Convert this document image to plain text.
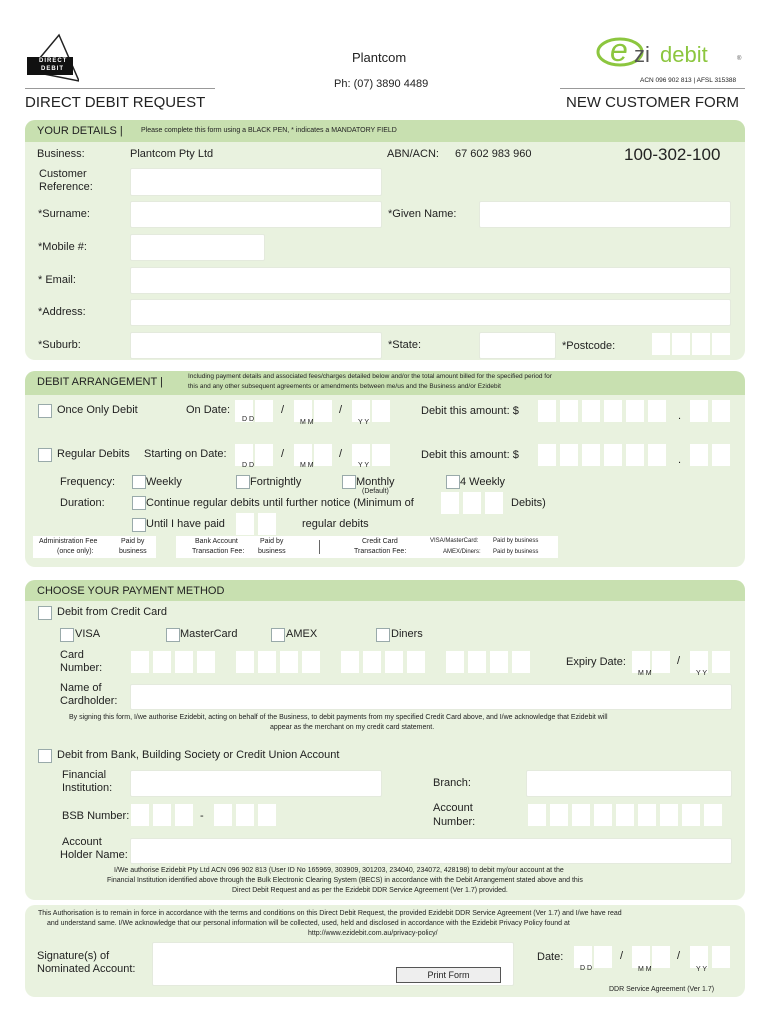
DIRECT
DEBIT
Plantcom
Ph: (07) 3890 4489
e zi debit	®
ACN 096 902 813 | AFSL 315388
DIRECT DEBIT REQUEST	NEW CUSTOMER FORM
YOUR DETAILS |	Please complete this form using a BLACK PEN, * indicates a MANDATORY FIELD
Business:	Plantcom Pty Ltd	ABN/ACN: 67 602 983 960	100-302-100
Customer
Reference:
*Surname:	*Given Name:
*Mobile #:
* Email:
*Address:
*Suburb:	*State:	*Postcode:
DEBIT ARRANGEMENT |	Including payment details and associated fees/charges detailed below and/or the total amount billed for the specified period for
this and any other subsequent agreements or amendments between me/us and the Business and/or Ezidebit
Once Only Debit	On Date:	/	/
D D	M M	Y Y
Debit this amount: $	.
Regular Debits Starting on Date:	/	/
D D	M M	Y Y
Debit this amount: $	.
Frequency:	Weekly	Fortnightly	Monthly
(Default)
4 Weekly
Duration:	Continue regular debits until further notice (Minimum of	Debits)
Until I have paid	regular debits
Administration Fee
(once only):
Paid by
business
Bank Account
Transaction Fee:
Paid by
business
Credit Card
Transaction Fee:
VISA/MasterCard: Paid by business
AMEX/Diners: Paid by business
CHOOSE YOUR PAYMENT METHOD
Debit from Credit Card
VISA	MasterCard	AMEX	Diners
Card
Number:	Expiry Date:	/
M M	Y Y
Name of
Cardholder:
By signing this form, I/we authorise Ezidebit, acting on behalf of the Business, to debit payments from my specified Credit Card above, and I/we acknowledge that Ezidebit will
appear as the merchant on my credit card statement.
Debit from Bank, Building Society or Credit Union Account
Financial
Institution:	Branch:
BSB Number:	-
Account
Number:
Account
Holder Name:
I/We authorise Ezidebit Pty Ltd ACN 096 902 813 (User ID No 165969, 303909, 301203, 234040, 234072, 428198) to debit my/our account at the
Financial Institution identified above through the Bulk Electronic Clearing System (BECS) in accordance with the Debit Arrangement stated above and this
Direct Debit Request and as per the Ezidebit DDR Service Agreement (Ver 1.7) provided.
This Authorisation is to remain in force in accordance with the terms and conditions on this Direct Debit Request, the provided Ezidebit DDR Service Agreement (Ver 1.7) and I/we have read
and understand same. I/We acknowledge that our personal information will be collected, used, held and disclosed in accordance with the Ezidebit Privacy Policy found at
http://www.ezidebit.com.au/privacy-policy/
Signature(s) of
Nominated Account:	Print Form
Date:	/	/
D D	M M	Y Y
DDR Service Agreement (Ver 1.7)
